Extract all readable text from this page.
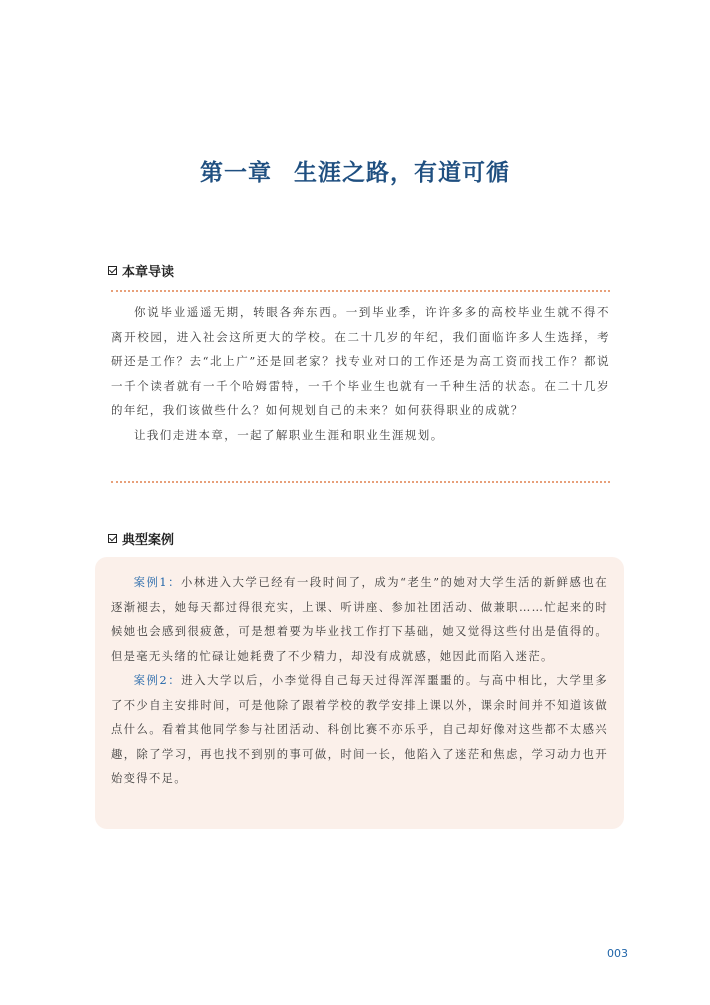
第一章 生涯之路，有道可循
本章导读

你说毕业遥遥无期，转眼各奔东西。一到毕业季，许许多多的高校毕业生就不得不离开校园，进入社会这所更大的学校。在二十几岁的年纪，我们面临许多人生选择，考研还是工作？去“北上广”还是回老家？找专业对口的工作还是为高工资而找工作？都说一千个读者就有一千个哈姆雷特，一千个毕业生也就有一千种生活的状态。在二十几岁的年纪，我们该做些什么？如何规划自己的未来？如何获得职业的成就？

让我们走进本章，一起了解职业生涯和职业生涯规划。

典型案例

案例1：小林进入大学已经有一段时间了，成为“老生”的她对大学生活的新鲜感也在逐渐褪去，她每天都过得很充实，上课、听讲座、参加社团活动、做兼职……忙起来的时候她也会感到很疲惫，可是想着要为毕业找工作打下基础，她又觉得这些付出是值得的。但是毫无头绪的忙碌让她耗费了不少精力，却没有成就感，她因此而陷入迷茫。

案例2：进入大学以后，小李觉得自己每天过得浑浑噩噩的。与高中相比，大学里多了不少自主安排时间，可是他除了跟着学校的教学安排上课以外，课余时间并不知道该做点什么。看着其他同学参与社团活动、科创比赛不亦乐乎，自己却好像对这些都不太感兴趣，除了学习，再也找不到别的事可做，时间一长，他陷入了迷茫和焦虑，学习动力也开始变得不足。

003
